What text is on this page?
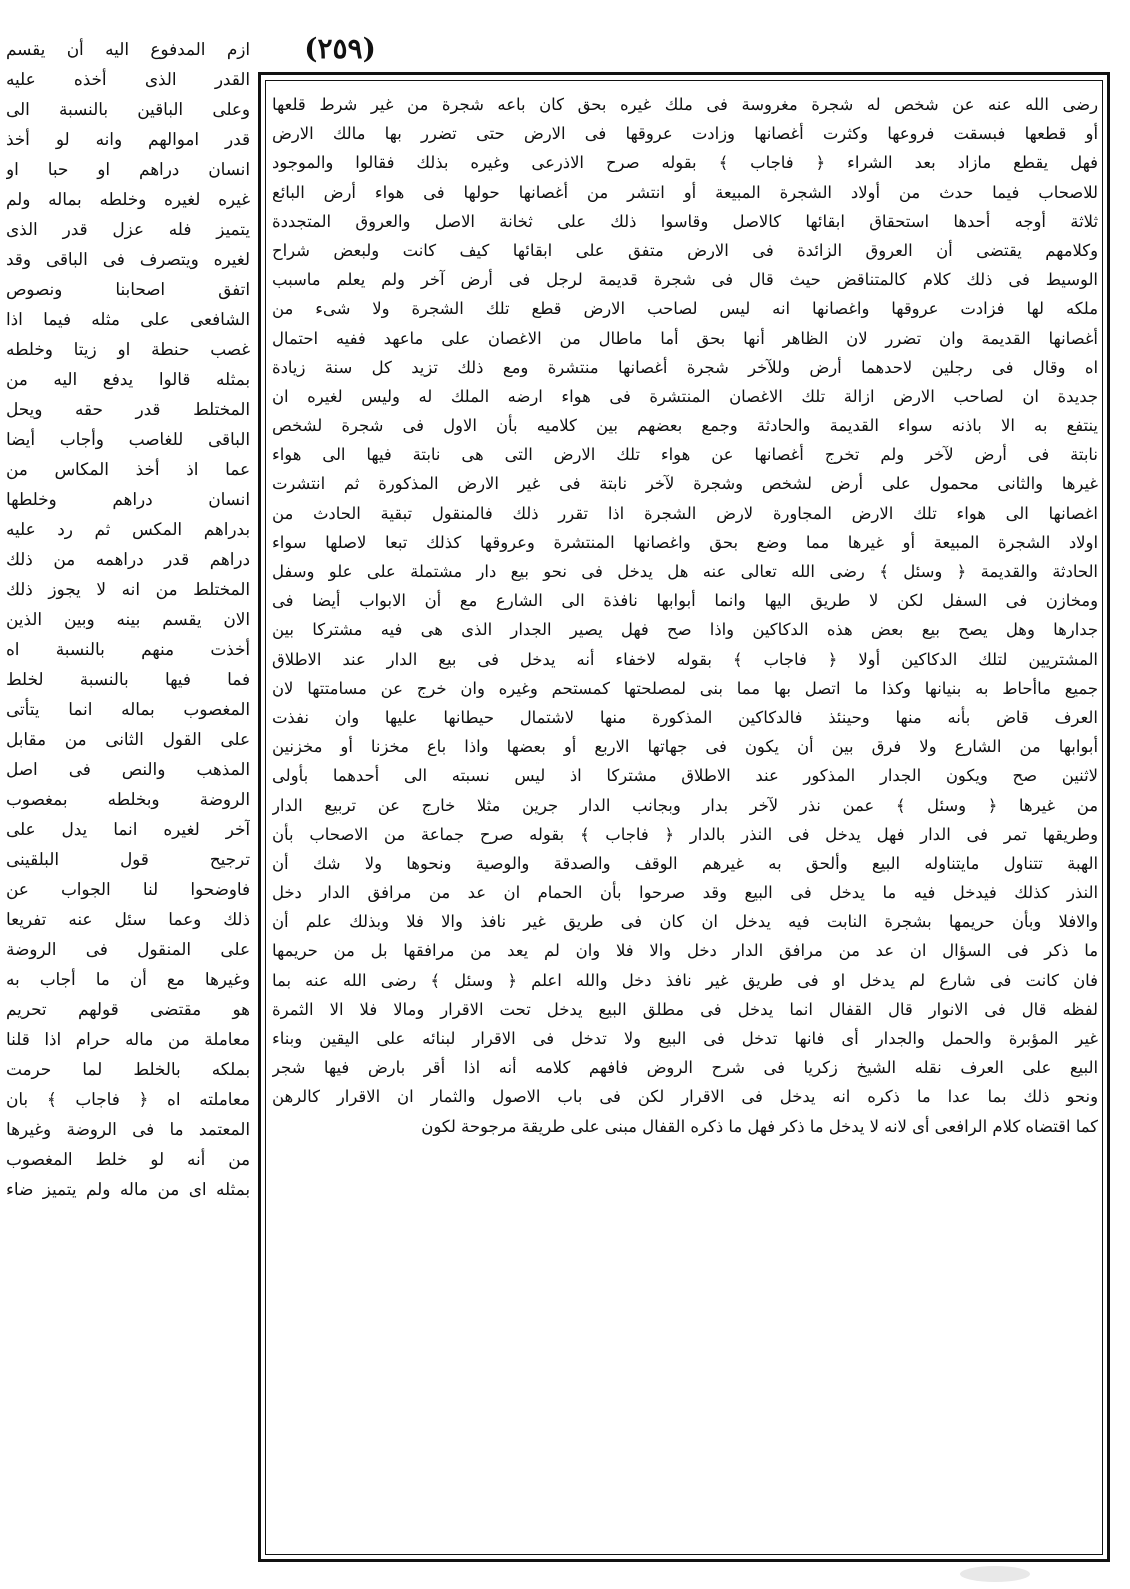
(٢٥٩)
رضى الله عنه عن شخص له شجرة مغروسة فى ملك غيره بحق كان باعه شجرة من غير شرط قلعها
أو قطعها فبسقت فروعها وكثرت أغصانها وزادت عروقها فى الارض حتى تضرر بها مالك الارض
فهل يقطع مازاد بعد الشراء ﴿ فاجاب ﴾ بقوله صرح الاذرعى وغيره بذلك فقالوا والموجود
للاصحاب فيما حدث من أولاد الشجرة المبيعة أو انتشر من أغصانها حولها فى هواء أرض البائع
ثلاثة أوجه أحدها استحقاق ابقائها كالاصل وقاسوا ذلك على ثخانة الاصل والعروق المتجددة
وكلامهم يقتضى أن العروق الزائدة فى الارض متفق على ابقائها كيف كانت ولبعض شراح
الوسيط فى ذلك كلام كالمتناقض حيث قال فى شجرة قديمة لرجل فى أرض آخر ولم يعلم ماسبب
ملكه لها فزادت عروقها واغصانها انه ليس لصاحب الارض قطع تلك الشجرة ولا شىء من
أغصانها القديمة وان تضرر لان الظاهر أنها بحق أما ماطال من الاغصان على ماعهد ففيه احتمال
اه وقال فى رجلين لاحدهما أرض وللآخر شجرة أغصانها منتشرة ومع ذلك تزيد كل سنة زيادة
جديدة ان لصاحب الارض ازالة تلك الاغصان المنتشرة فى هواء ارضه الملك له وليس لغيره ان
ينتفع به الا باذنه سواء القديمة والحادثة وجمع بعضهم بين كلاميه بأن الاول فى شجرة لشخص
نابتة فى أرض لآخر ولم تخرج أغصانها عن هواء تلك الارض التى هى نابتة فيها الى هواء
غيرها والثانى محمول على أرض لشخص وشجرة لآخر نابتة فى غير الارض المذكورة ثم انتشرت
اغصانها الى هواء تلك الارض المجاورة لارض الشجرة اذا تقرر ذلك فالمنقول تبقية الحادث من
اولاد الشجرة المبيعة أو غيرها مما وضع بحق واغصانها المنتشرة وعروقها كذلك تبعا لاصلها سواء
الحادثة والقديمة ﴿ وسئل ﴾ رضى الله تعالى عنه هل يدخل فى نحو بيع دار مشتملة على علو وسفل
ومخازن فى السفل لكن لا طريق اليها وانما أبوابها نافذة الى الشارع مع أن الابواب أيضا فى
جدارها وهل يصح بيع بعض هذه الدكاكين واذا صح فهل يصير الجدار الذى هى فيه مشتركا بين
المشتريين لتلك الدكاكين أولا ﴿ فاجاب ﴾ بقوله لاخفاء أنه يدخل فى بيع الدار عند الاطلاق
جميع ماأحاط به بنيانها وكذا ما اتصل بها مما بنى لمصلحتها كمستحم وغيره وان خرج عن مسامتتها لان
العرف قاض بأنه منها وحينئذ فالدكاكين المذكورة منها لاشتمال حيطانها عليها وان نفذت
أبوابها من الشارع ولا فرق بين أن يكون فى جهاتها الاربع أو بعضها واذا باع مخزنا أو مخزنين
لاثنين صح ويكون الجدار المذكور عند الاطلاق مشتركا اذ ليس نسبته الى أحدهما بأولى
من غيرها ﴿ وسئل ﴾ عمن نذر لآخر بدار وبجانب الدار جرين مثلا خارج عن تربيع الدار
وطريقها تمر فى الدار فهل يدخل فى النذر بالدار ﴿ فاجاب ﴾ بقوله صرح جماعة من الاصحاب بأن
الهبة تتناول مايتناوله البيع وألحق به غيرهم الوقف والصدقة والوصية ونحوها ولا شك أن
النذر كذلك فيدخل فيه ما يدخل فى البيع وقد صرحوا بأن الحمام ان عد من مرافق الدار دخل
والافلا وبأن حريمها بشجرة النابت فيه يدخل ان كان فى طريق غير نافذ والا فلا وبذلك علم أن
ما ذكر فى السؤال ان عد من مرافق الدار دخل والا فلا وان لم يعد من مرافقها بل من حريمها
فان كانت فى شارع لم يدخل او فى طريق غير نافذ دخل والله اعلم ﴿ وسئل ﴾ رضى الله عنه بما
لفظه قال فى الانوار قال القفال انما يدخل فى مطلق البيع يدخل تحت الاقرار ومالا فلا الا الثمرة
غير المؤبرة والحمل والجدار أى فانها تدخل فى البيع ولا تدخل فى الاقرار لبنائه على اليقين وبناء
البيع على العرف نقله الشيخ زكريا فى شرح الروض فافهم كلامه أنه اذا أقر بارض فيها شجر
ونحو ذلك بما عدا ما ذكره انه يدخل فى الاقرار لكن فى باب الاصول والثمار ان الاقرار كالرهن
كما اقتضاه كلام الرافعى أى لانه لا يدخل ما ذكر فهل ما ذكره القفال مبنى على طريقة مرجوحة لكون
ازم المدفوع اليه أن يقسم
القدر الذى أخذه عليه
وعلى الباقين بالنسبة الى
قدر اموالهم وانه لو أخذ
انسان دراهم او حبا او
غيره لغيره وخلطه بماله ولم
يتميز فله عزل قدر الذى
لغيره ويتصرف فى الباقى وقد
اتفق اصحابنا ونصوص
الشافعى على مثله فيما اذا
غصب حنطة او زيتا وخلطه
بمثله قالوا يدفع اليه من
المختلط قدر حقه ويحل
الباقى للغاصب وأجاب أيضا
عما اذ أخذ المكاس من
انسان دراهم وخلطها
بدراهم المكس ثم رد عليه
دراهم قدر دراهمه من ذلك
المختلط من انه لا يجوز ذلك
الان يقسم بينه وبين الذين
أخذت منهم بالنسبة اه
فما فيها بالنسبة لخلط
المغصوب بماله انما يتأتى
على القول الثانى من مقابل
المذهب والنص فى اصل
الروضة وبخلطه بمغصوب
آخر لغيره انما يدل على
ترجيح قول البلقينى
فاوضحوا لنا الجواب عن
ذلك وعما سئل عنه تفريعا
على المنقول فى الروضة
وغيرها مع أن ما أجاب به
هو مقتضى قولهم تحريم
معاملة من ماله حرام اذا قلنا
بملكه بالخلط لما حرمت
معاملته اه ﴿ فاجاب ﴾ بان
المعتمد ما فى الروضة وغيرها
من أنه لو خلط المغصوب
بمثله اى من ماله ولم يتميز ضاء
